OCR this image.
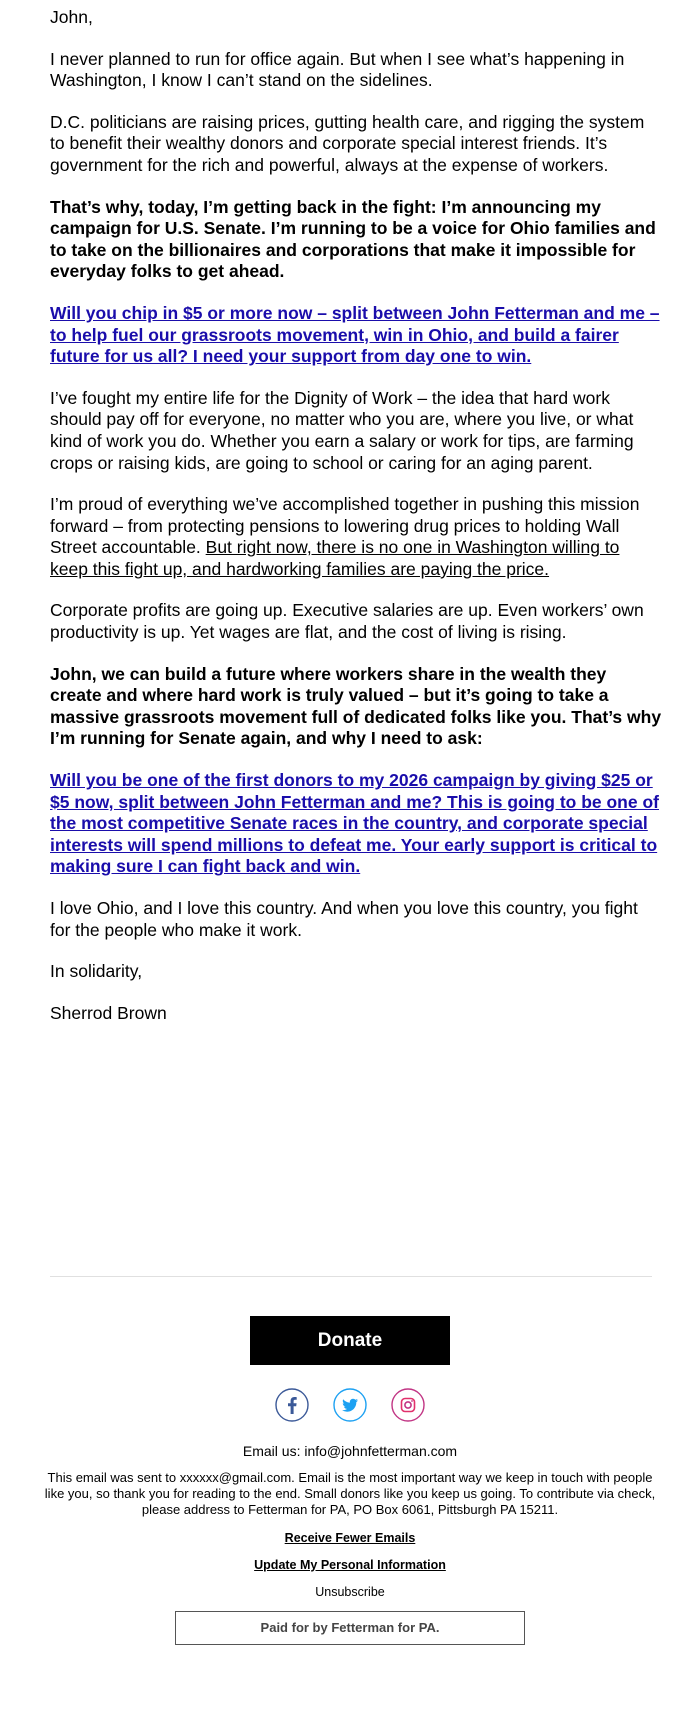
John,

I never planned to run for office again. But when I see what’s happening in Washington, I know I can’t stand on the sidelines.

D.C. politicians are raising prices, gutting health care, and rigging the system to benefit their wealthy donors and corporate special interest friends. It’s government for the rich and powerful, always at the expense of workers.

That’s why, today, I’m getting back in the fight: I’m announcing my campaign for U.S. Senate. I’m running to be a voice for Ohio families and to take on the billionaires and corporations that make it impossible for everyday folks to get ahead.

Will you chip in $5 or more now – split between John Fetterman and me – to help fuel our grassroots movement, win in Ohio, and build a fairer future for us all? I need your support from day one to win.

I’ve fought my entire life for the Dignity of Work – the idea that hard work should pay off for everyone, no matter who you are, where you live, or what kind of work you do. Whether you earn a salary or work for tips, are farming crops or raising kids, are going to school or caring for an aging parent.

I’m proud of everything we’ve accomplished together in pushing this mission forward – from protecting pensions to lowering drug prices to holding Wall Street accountable. But right now, there is no one in Washington willing to keep this fight up, and hardworking families are paying the price.

Corporate profits are going up. Executive salaries are up. Even workers’ own productivity is up. Yet wages are flat, and the cost of living is rising.

John, we can build a future where workers share in the wealth they create and where hard work is truly valued – but it’s going to take a massive grassroots movement full of dedicated folks like you. That’s why I’m running for Senate again, and why I need to ask:

Will you be one of the first donors to my 2026 campaign by giving $25 or $5 now, split between John Fetterman and me? This is going to be one of the most competitive Senate races in the country, and corporate special interests will spend millions to defeat me. Your early support is critical to making sure I can fight back and win.

I love Ohio, and I love this country. And when you love this country, you fight for the people who make it work.

In solidarity,

Sherrod Brown

Donate

Email us: info@johnfetterman.com
This email was sent to xxxxxx@gmail.com. Email is the most important way we keep in touch with people like you, so thank you for reading to the end. Small donors like you keep us going. To contribute via check, please address to Fetterman for PA, PO Box 6061, Pittsburgh PA 15211.
Receive Fewer Emails
Update My Personal Information
Unsubscribe
Paid for by Fetterman for PA.
